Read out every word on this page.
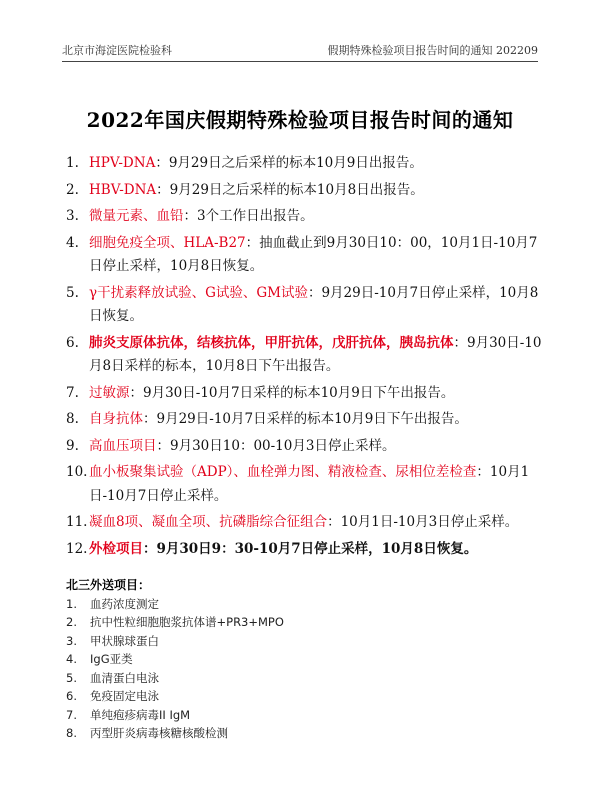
北京市海淀医院检验科	假期特殊检验项目报告时间的通知 202209
2022年国庆假期特殊检验项目报告时间的通知
1. HPV-DNA：9月29日之后采样的标本10月9日出报告。
2. HBV-DNA：9月29日之后采样的标本10月8日出报告。
3. 微量元素、血铅：3个工作日出报告。
4. 细胞免疫全项、HLA-B27：抽血截止到9月30日10：00，10月1日-10月7日停止采样，10月8日恢复。
5. γ干扰素释放试验、G试验、GM试验：9月29日-10月7日停止采样，10月8日恢复。
6. 肺炎支原体抗体，结核抗体，甲肝抗体，戊肝抗体，胰岛抗体：9月30日-10月8日采样的标本，10月8日下午出报告。
7. 过敏源：9月30日-10月7日采样的标本10月9日下午出报告。
8. 自身抗体：9月29日-10月7日采样的标本10月9日下午出报告。
9. 高血压项目：9月30日10：00-10月3日停止采样。
10. 血小板聚集试验（ADP）、血栓弹力图、精液检查、尿相位差检查：10月1日-10月7日停止采样。
11. 凝血8项、凝血全项、抗磷脂综合征组合：10月1日-10月3日停止采样。
12. 外检项目：9月30日9：30-10月7日停止采样，10月8日恢复。
北三外送项目：
1.	血药浓度测定
2.	抗中性粒细胞胞浆抗体谱+PR3+MPO
3.	甲状腺球蛋白
4.	IgG亚类
5.	血清蛋白电泳
6.	免疫固定电泳
7.	单纯疱疹病毒II IgM
8.	丙型肝炎病毒核糖核酸检测
